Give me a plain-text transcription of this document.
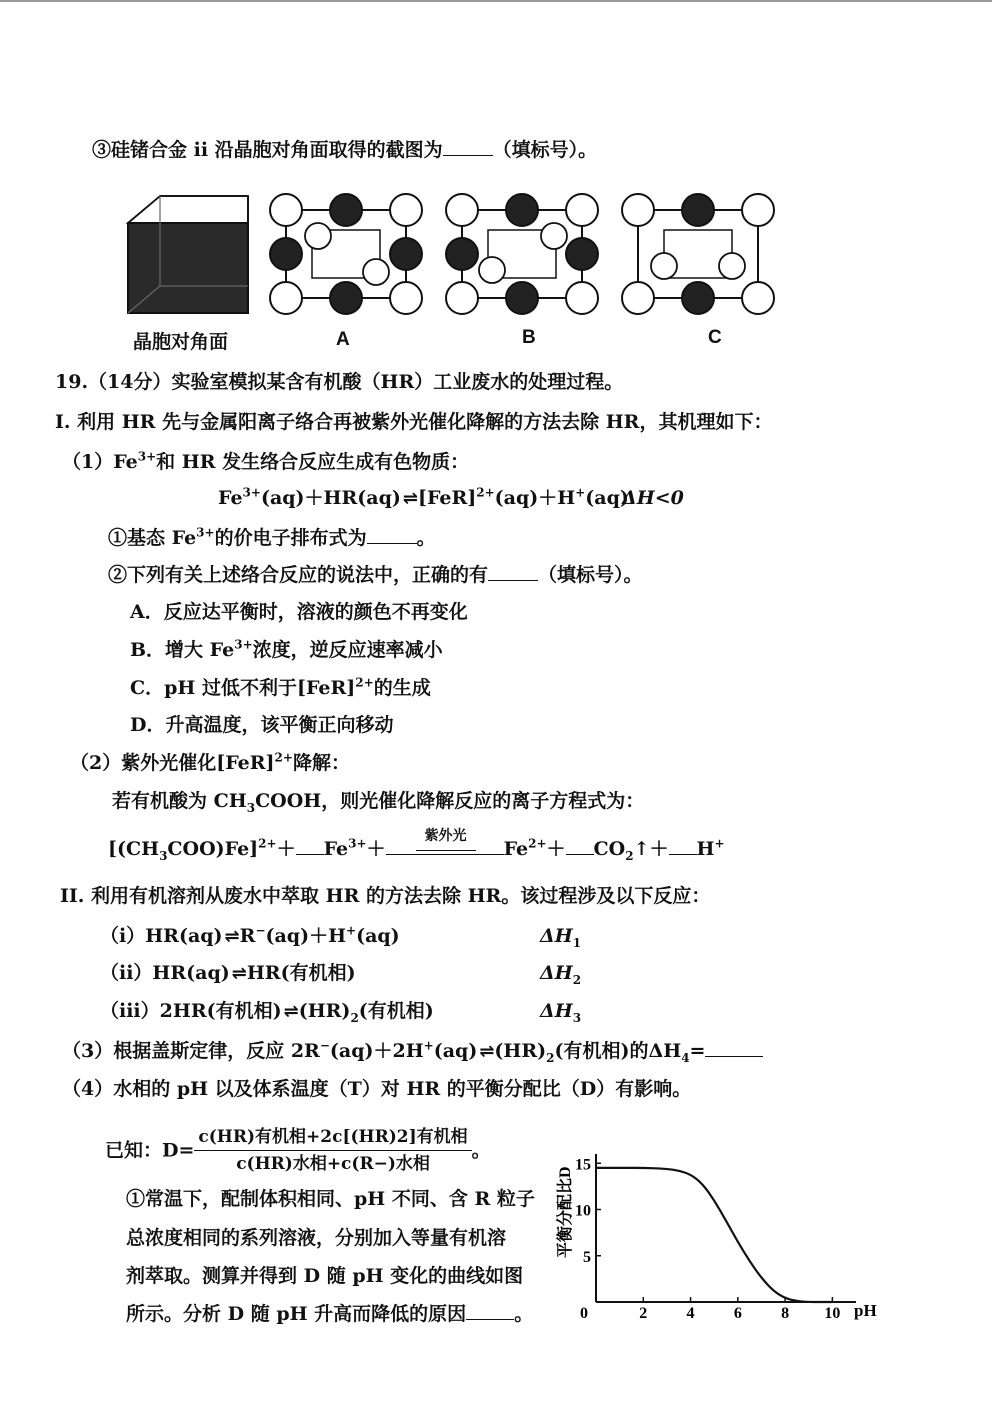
③硅锗合金 ii 沿晶胞对角面取得的截图为	（填标号）。
晶胞对角面	A	B	C
19.（14分）实验室模拟某含有机酸（HR）工业废水的处理过程。
I. 利用 HR 先与金属阳离子络合再被紫外光催化降解的方法去除 HR，其机理如下：
$(1)Fe^{3+}$和 HR 发生络合反应生成有色物质：
$Fe^{3+}(aq)+HR(aq)$ ⇌ [FeR]$^{2+}$(aq)＋H+(aq)
ΔH<0
①基态 $Fe^{3+}$的价电子排布式为	。
②下列有关上述络合反应的说法中，正确的有	（填标号）。
A．反应达平衡时，溶液的颜色不再变化
B．增大 $Fe^{3+}$浓度，逆反应速率减小
C．pH 过低不利于[FeR]$^{2+}$的生成
D．升高温度，该平衡正向移动
（2）紫外光催化[FeR]$^{2+}$降解：
若有机酸为 $CH_3COOH$，则光催化降解反应的离子方程式为：
$[(CH_3COO)Fe]^{2+}+ Fe^{3+}+$
紫外光
$Fe^{2+}+$ $CO_2↑+ H^+$
II. 利用有机溶剂从废水中萃取 HR 的方法去除 HR。该过程涉及以下反应：
（i）HR(aq) ⇌ R−(aq)＋H+(aq)	$\Delta H_1$
（ii）HR(aq) ⇌ HR(有机相)	$\Delta H_2$
（iii）2HR(有机相) ⇌ $(HR)_2$(有机相)	$\Delta H_3$
（3）根据盖斯定律，反应 2R−(aq)＋2H+(aq) ⇌ $(HR)_2$(有机相)的$\Delta H_4=$
（4）水相的 pH 以及体系温度（T）对 HR 的平衡分配比（D）有影响。
已知：$D= \frac{\text{c(HR)有机相+2c[(HR)2]有机相}}{\text{c(HR)水相+c(R−)水相}}$ 。
①常温下，配制体积相同、pH 不同、含 R 粒子
总浓度相同的系列溶液，分别加入等量有机溶
剂萃取。测算并得到 D 随 pH 变化的曲线如图
所示。分析 D 随 pH 升高而降低的原因	。
平衡分配比D
0	2 4 6 8 10
5
10
15
pH
